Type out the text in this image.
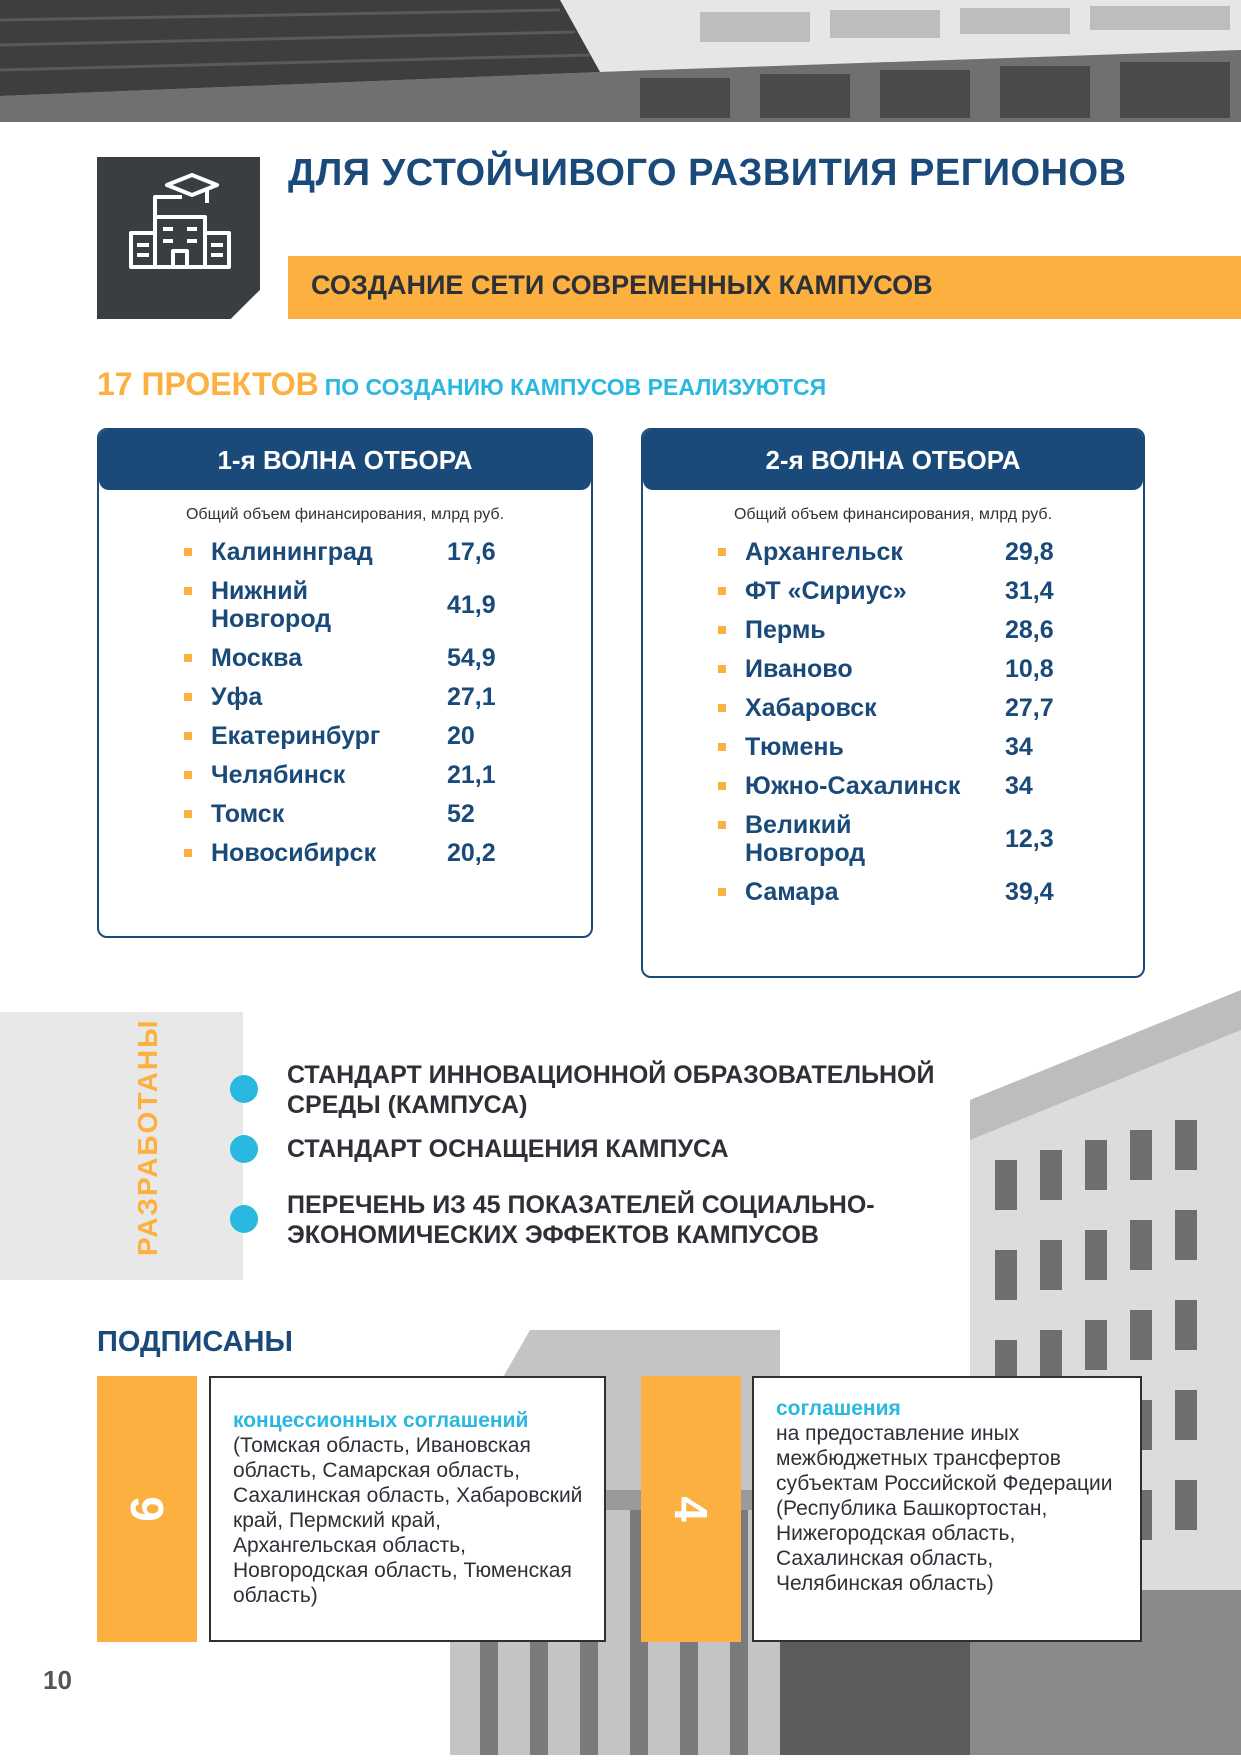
ДЛЯ УСТОЙЧИВОГО РАЗВИТИЯ РЕГИОНОВ
СОЗДАНИЕ СЕТИ СОВРЕМЕННЫХ КАМПУСОВ
17 ПРОЕКТОВ ПО СОЗДАНИЮ КАМПУСОВ РЕАЛИЗУЮТСЯ
1-я ВОЛНА ОТБОРА
Общий объем финансирования, млрд руб.
Калининград	17,6
Нижний Новгород	41,9
Москва	54,9
Уфа	27,1
Екатеринбург	20
Челябинск	21,1
Томск	52
Новосибирск	20,2
2-я ВОЛНА ОТБОРА
Общий объем финансирования, млрд руб.
Архангельск	29,8
ФТ «Сириус»	31,4
Пермь	28,6
Иваново	10,8
Хабаровск	27,7
Тюмень	34
Южно-Сахалинск	34
Великий Новгород	12,3
Самара	39,4
РАЗРАБОТАНЫ	СТАНДАРТ ИННОВАЦИОННОЙ ОБРАЗОВАТЕЛЬНОЙ СРЕДЫ (КАМПУСА)
СТАНДАРТ ОСНАЩЕНИЯ КАМПУСА
ПЕРЕЧЕНЬ ИЗ 45 ПОКАЗАТЕЛЕЙ СОЦИАЛЬНО-ЭКОНОМИЧЕСКИХ ЭФФЕКТОВ КАМПУСОВ
ПОДПИСАНЫ
9
концессионных соглашений
(Томская область, Ивановская область, Самарская область, Сахалинская область, Хабаровский край, Пермский край, Архангельская область, Новгородская область, Тюменская область)
4
соглашения
на предоставление иных межбюджетных трансфертов субъектам Российской Федерации (Республика Башкортостан, Нижегородская область, Сахалинская область, Челябинская область)
10
